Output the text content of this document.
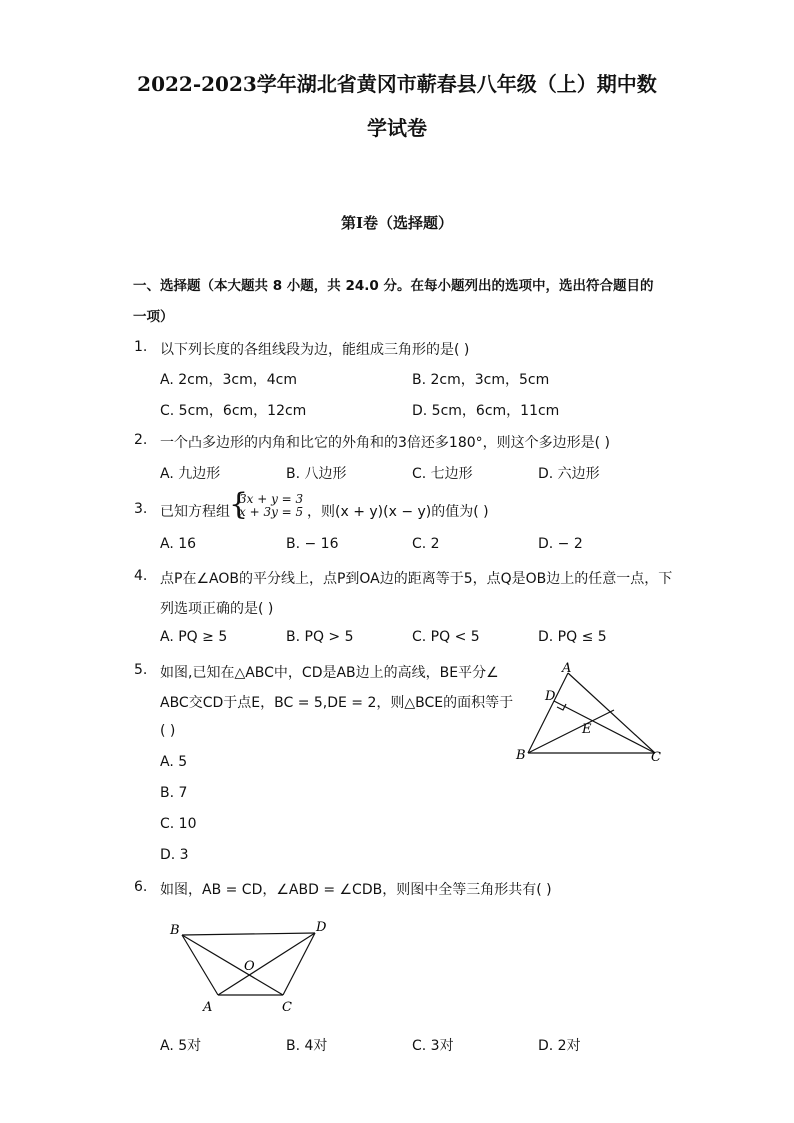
2022-2023学年湖北省黄冈市蕲春县八年级（上）期中数
学试卷
第I卷（选择题）
一、选择题（本大题共 8 小题，共 24.0 分。在每小题列出的选项中，选出符合题目的
一项）
1. 以下列长度的各组线段为边，能组成三角形的是( )
A. 2cm，3cm，4cm	B. 2cm，3cm，5cm
C. 5cm，6cm，12cm	D. 5cm，6cm，11cm
2. 一个凸多边形的内角和比它的外角和的3倍还多180°，则这个多边形是( )
A. 九边形	B. 八边形	C. 七边形	D. 六边形
3. 已知方程组 {
3x + y = 3
x + 3y = 5 ，则(x + y)(x − y)的值为( )
A. 16	B. − 16	C. 2	D. − 2
4. 点P在∠AOB的平分线上，点P到OA边的距离等于5，点Q是OB边上的任意一点，下
列选项正确的是( )
A. PQ ≥ 5	B. PQ > 5	C. PQ < 5	D. PQ ≤ 5
5. 如图,已知在△ABC中，CD是AB边上的高线，BE平分∠
ABC交CD于点E，BC = 5,DE = 2，则△BCE的面积等于
( )
A. 5
B. 7
C. 10
D. 3
A
D
E
B	C
6. 如图，AB = CD，∠ABD = ∠CDB，则图中全等三角形共有( )
B	D
O
A	C
A. 5对	B. 4对	C. 3对	D. 2对
